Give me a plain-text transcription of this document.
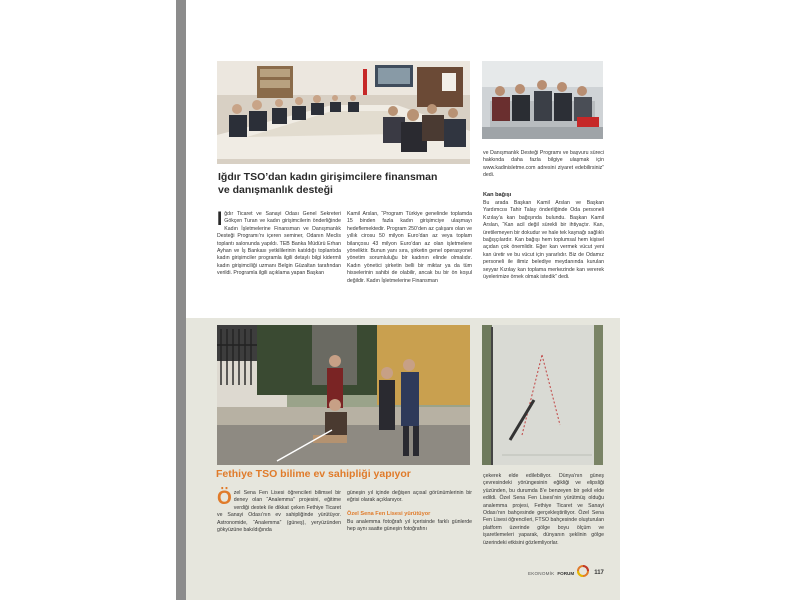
Iğdır TSO’dan kadın girişimcilere finansman ve danışmanlık desteği
Iğdır Ticaret ve Sanayi Odası Genel Sekreteri Gökçen Turan ve kadın girişimcilerin önderliğinde Kadın İşletmelerine Finansman ve Danışmanlık Desteği Programı’nı içeren seminer, Odanın Meclis toplantı salonunda yapıldı. TEB Banka Müdürü Erhan Ayhan ve İş Bankası yetkililerinin katıldığı toplantıda kadın girişimciler programla ilgili detaylı bilgi kidermli kadın girişimciliği uzmanı Belgin Güzaltan tarafından verildi. Programla ilgili açıklama yapan Başkan

Kamil Arslan, “Program Türkiye genelinde toplamda 15 binden fazla kadın girişimciye ulaşmayı hedeflemektedir. Program 250’den az çalışanı olan ve yıllık cirosu 50 milyon Euro’dan az veya toplam bilançosu 43 milyon Euro’dan az olan işletmelere yöneliktir. Bunun yanı sıra, şirketin genel operasyonel yönetim sorumluluğu bir kadının elinde olmalıdır. Kadın yönetici şirketin belli bir miktar ya da tüm hisselerinin sahibi de olabilir, ancak bu bir ön koşul değildir. Kadın İşletmelerine Finansman

ve Danışmanlık Desteği Programı ve başvuru süreci hakkında daha fazla bilgiye ulaşmak için www.kadinisletme.com adresini ziyaret edebilirsiniz” dedi.

Kan bağışı

Bu arada Başkan Kamil Arslan ve Başkan Yardımcısı Tahir Talay önderliğinde Oda personeli Kızılay’a kan bağışında bulundu. Başkan Kamil Arslan, “Kan acil değil sürekli bir ihtiyaçtır. Kan, üretilemeyen bir dokudur ve hale tek kaynağı sağlıklı bağışçılardır. Kan bağışı hem toplumsal hem kişisel açıdan çok önemlidir. Eğer kan vermek vücut yeni kan üretir ve bu vücut için yararlıdır. Biz de Odamız personeli ile ilimiz belediye meydanında kurulan seyyar Kızılay kan toplama merkezinde kan vererek üyelerimize örnek olmak istedik” dedi.

Fethiye TSO bilime ev sahipliği yapıyor
Özel Sena Fen Lisesi öğrencileri bilimsel bir deney olan “Analemma” projesini, eğitime verdiği destek ile dikkat çeken Fethiye Ticaret ve Sanayi Odası’nın ev sahipliğinde yürütüyor. Astronomide, “Analemma” (güneş), yeryüzünden gökyüzüne bakıldığında

güneşin yıl içinde değişen açısal görünümlerinin bir eğrisi olarak açıklanıyor.

Özel Sena Fen Lisesi yürütüyor

Bu analemma fotoğrafı yıl içerisinde farklı günlerde hep aynı saatte güneşin fotoğrafını

çekerek elde edilebiliyor. Dünya’nın güneş çevresindeki yörüngesinin eğikliği ve elipsliği yüzünden, bu durumda 8’e benzeyen bir şekil elde edildi. Özel Sena Fen Lisesi’nin yürütmüş olduğu analemma projesi, Fethiye Ticaret ve Sanayi Odası’nın bahçesinde gerçekleştiriliyor. Özel Sena Fen Lisesi öğrencileri, FTSO bahçesinde oluşturulan platform üzerinde gölge boyu ölçüm ve işaretlemeleri yaparak, dünyanın şeklinin gölge üzerindeki etkisini gözlemliyorlar.

EKONOMİK FORUM	117
